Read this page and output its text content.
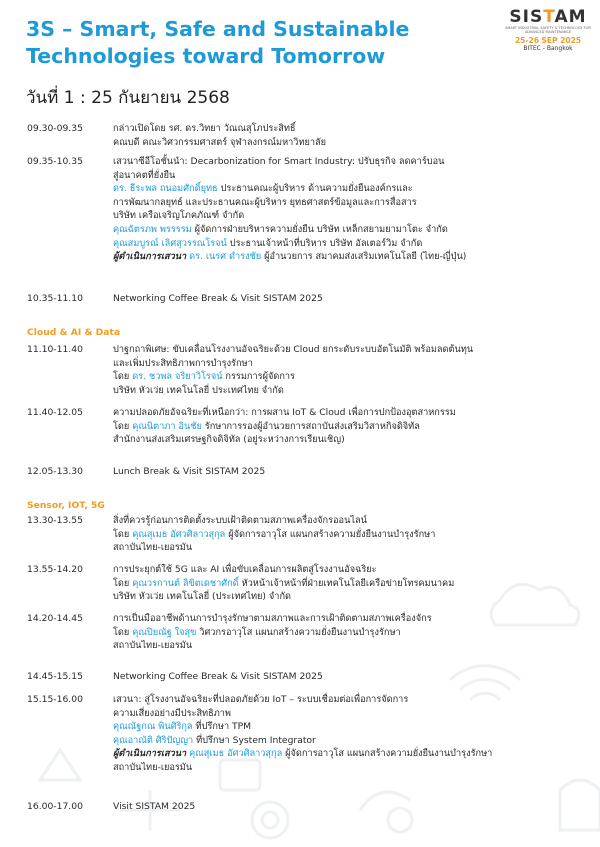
3S – Smart, Safe and Sustainable
Technologies toward Tomorrow
SISTAM
SMART INDUSTRIAL SAFETY & TECHNOLOGY FOR ADVANCED MAINTENANCE
25-26 SEP 2025
BITEC - Bangkok
วันที่ 1 : 25 กันยายน 2568
Cloud & AI & Data
Sensor, IOT, 5G
09.30-09.35	กล่าวเปิดโดย รศ. ดร.วิทยา วัณณสุโภประสิทธิ์
คณบดี คณะวิศวกรรมศาสตร์ จุฬาลงกรณ์มหาวิทยาลัย
09.35-10.35	เสวนาซีอีโอชั้นนำ: Decarbonization for Smart Industry: ปรับธุรกิจ ลดคาร์บอน
สู่อนาคตที่ยั่งยืน
ดร. ธีระพล ถนอมศักดิ์ยุทธ ประธานคณะผู้บริหาร ด้านความยั่งยืนองค์กรและ
การพัฒนากลยุทธ์ และประธานคณะผู้บริหาร ยุทธศาสตร์ข้อมูลและการสื่อสาร
บริษัท เครือเจริญโภคภัณฑ์ จำกัด
คุณฉัตรภพ พรรรรม ผู้จัดการฝ่ายบริหารความยั่งยืน บริษัท เหล็กสยามยามาโตะ จำกัด
คุณสมบูรณ์ เลิศสุวรรณโรจน์ ประธานเจ้าหน้าที่บริหาร บริษัท อัลเตอร์วิม จำกัด
ผู้ดำเนินการเสวนา ดร. เนรศ ดำรงชัย ผู้อำนวยการ สมาคมส่งเสริมเทคโนโลยี (ไทย-ญี่ปุ่น)
10.35-11.10	Networking Coffee Break & Visit SISTAM 2025
11.10-11.40	ปาฐกถาพิเศษ: ขับเคลื่อนโรงงานอัจฉริยะด้วย Cloud ยกระดับระบบอัตโนมัติ พร้อมลดต้นทุน
และเพิ่มประสิทธิภาพการบำรุงรักษา
โดย ดร. ชวพล จริยาวิโรจน์ กรรมการผู้จัดการ
บริษัท หัวเว่ย เทคโนโลยี่ ประเทศไทย จำกัด
11.40-12.05	ความปลอดภัยอัจฉริยะที่เหนือกว่า: การผสาน IoT & Cloud เพื่อการปกป้องอุตสาหกรรม
โดย คุณนิตาภา อินชัย รักษาการรองผู้อำนวยการสถาบันส่งเสริมวิสาหกิจดิจิทัล
สำนักงานส่งเสริมเศรษฐกิจดิจิทัล (อยู่ระหว่างการเรียนเชิญ)
12.05-13.30	Lunch Break & Visit SISTAM 2025
13.30-13.55	สิ่งที่ควรรู้ก่อนการติดตั้งระบบเฝ้าติดตามสภาพเครื่องจักรออนไลน์
โดย คุณสุเมธ อัศวศิลาวสุกุล ผู้จัดการอาวุโส แผนกสร้างความยั่งยืนงานบำรุงรักษา
สถาบันไทย-เยอรมัน
13.55-14.20	การประยุกต์ใช้ 5G และ AI เพื่อขับเคลื่อนการผลิตสู่โรงงานอัจฉริยะ
โดย คุณวรกานต์ ลิขิตเดชาศักดิ์ หัวหน้าเจ้าหน้าที่ฝ่ายเทคโนโลยีเครือข่ายโทรคมนาคม
บริษัท หัวเว่ย เทคโนโลยี่ (ประเทศไทย) จำกัด
14.20-14.45	การเป็นมืออาชีพด้านการบำรุงรักษาตามสภาพและการเฝ้าติดตามสภาพเครื่องจักร
โดย คุณปิยณัฐ ใจสุข วิศวกรอาวุโส แผนกสร้างความยั่งยืนงานบำรุงรักษา
สถาบันไทย-เยอรมัน
14.45-15.15	Networking Coffee Break & Visit SISTAM 2025
15.15-16.00	เสวนา: สู่โรงงานอัจฉริยะที่ปลอดภัยด้วย IoT – ระบบเชื่อมต่อเพื่อการจัดการ
ความเสี่ยงอย่างมีประสิทธิภาพ
คุณณัฐกณ พินศิริกุล ที่ปรึกษา TPM
คุณอาณัติ ศิริปัญญา ที่ปรึกษา System Integrator
ผู้ดำเนินการเสวนา คุณสุเมธ อัศวศิลาวสุกุล ผู้จัดการอาวุโส แผนกสร้างความยั่งยืนงานบำรุงรักษา
สถาบันไทย-เยอรมัน
16.00-17.00	Visit SISTAM 2025
